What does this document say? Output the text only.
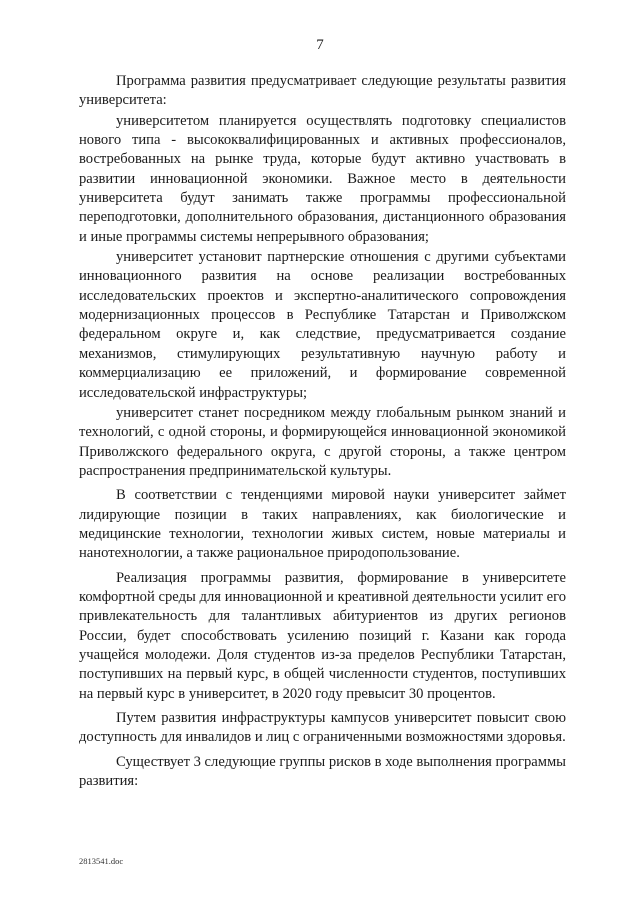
7

Программа развития предусматривает следующие результаты развития университета:

университетом планируется осуществлять подготовку специалистов нового типа - высококвалифицированных и активных профессионалов, востребованных на рынке труда, которые будут активно участвовать в развитии инновационной экономики. Важное место в деятельности университета будут занимать также программы профессиональной переподготовки, дополнительного образования, дистанционного образования и иные программы системы непрерывного образования;

университет установит партнерские отношения с другими субъектами инновационного развития на основе реализации востребованных исследовательских проектов и экспертно-аналитического сопровождения модернизационных процессов в Республике Татарстан и Приволжском федеральном округе и, как следствие, предусматривается создание механизмов, стимулирующих результативную научную работу и коммерциализацию ее приложений, и формирование современной исследовательской инфраструктуры;

университет станет посредником между глобальным рынком знаний и технологий, с одной стороны, и формирующейся инновационной экономикой Приволжского федерального округа, с другой стороны, а также центром распространения предпринимательской культуры.

В соответствии с тенденциями мировой науки университет займет лидирующие позиции в таких направлениях, как биологические и медицинские технологии, технологии живых систем, новые материалы и нанотехнологии, а также рациональное природопользование.

Реализация программы развития, формирование в университете комфортной среды для инновационной и креативной деятельности усилит его привлекательность для талантливых абитуриентов из других регионов России, будет способствовать усилению позиций г. Казани как города учащейся молодежи. Доля студентов из-за пределов Республики Татарстан, поступивших на первый курс, в общей численности студентов, поступивших на первый курс в университет, в 2020 году превысит 30 процентов.

Путем развития инфраструктуры кампусов университет повысит свою доступность для инвалидов и лиц с ограниченными возможностями здоровья.

Существует 3 следующие группы рисков в ходе выполнения программы развития:

2813541.doc
